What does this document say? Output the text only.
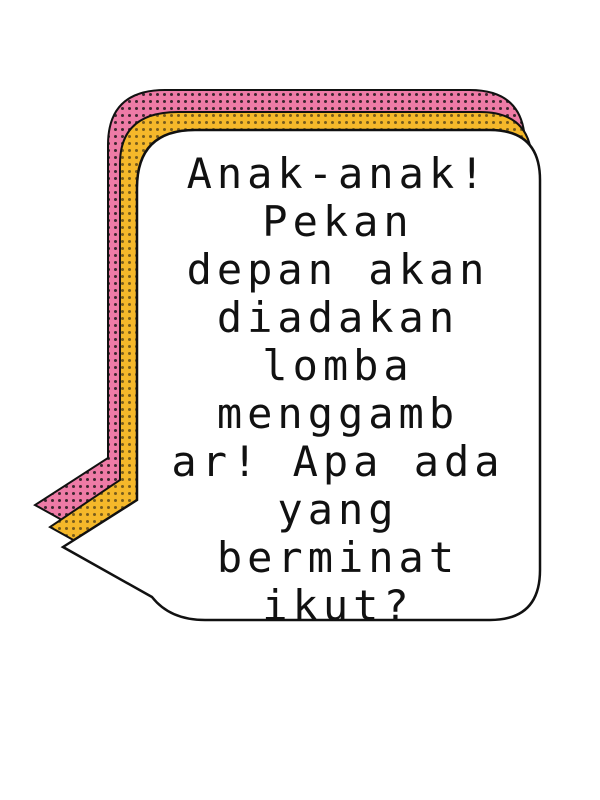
Anak-anak!
Pekan
depan akan
diadakan
lomba
menggamb
ar! Apa ada
yang
berminat
ikut?
